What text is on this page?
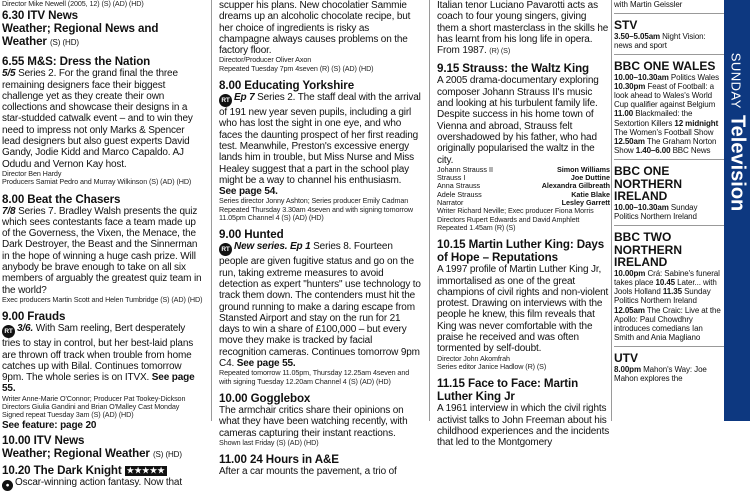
Director Mike Newell (2005, 12) (S) (AD) (HD)
6.30 ITV News
Weather; Regional News and Weather (S) (HD)
6.55 M&S: Dress the Nation
5/5 Series 2. For the grand final the three remaining designers face their biggest challenge yet as they create their own collections and showcase their designs in a star-studded catwalk event – and to win they need to impress not only Marks & Spencer lead designers but also guest experts David Gandy, Jodie Kidd and Marco Capaldo. AJ Odudu and Vernon Kay host.
Director Ben Hardy
Producers Samiat Pedro and Murray Wilkinson (S) (AD) (HD)
8.00 Beat the Chasers
7/8 Series 7. Bradley Walsh presents the quiz which sees contestants face a team made up of the Governess, the Vixen, the Menace, the Dark Destroyer, the Beast and the Sinnerman in the hope of winning a huge cash prize. Will anybody be brave enough to take on all six members of arguably the greatest quiz team in the world?
Exec producers Martin Scott and Helen Tumbridge (S) (AD) (HD)
9.00 Frauds
RT 3/6. With Sam reeling, Bert desperately tries to stay in control, but her best-laid plans are thrown off track when trouble from home catches up with Bilal. Continues tomorrow 9pm. The whole series is on ITVX. See page 55.
Writer Anne-Marie O'Connor; Producer Pat Tookey-Dickson
Directors Giulia Gandini and Brian O'Malley Cast Monday
Signed repeat Tuesday 3am (S) (AD) (HD)
See feature: page 20
10.00 ITV News
Weather; Regional Weather (S) (HD)
10.20 The Dark Knight ★★★★★
● Oscar-winning action fantasy. Now that
scupper his plans. New chocolatier Sammie dreams up an alcoholic chocolate recipe, but her choice of ingredients is risky as champagne always causes problems on the factory floor.
Director/Producer Oliver Axon
Repeated Tuesday 7pm 4seven (R) (S) (AD) (HD)
8.00 Educating Yorkshire
RT Ep 7 Series 2. The staff deal with the arrival of 191 new year seven pupils, including a girl who has lost the sight in one eye, and who faces the daunting prospect of her first reading test. Meanwhile, Preston's excessive energy lands him in trouble, but Miss Nurse and Miss Healey suggest that a part in the school play might be a way to channel his enthusiasm. See page 54.
Series director Jonny Ashton; Series producer Emily Cadman
Repeated Thursday 3.30am 4seven and with signing tomorrow
11.05pm Channel 4 (S) (AD) (HD)
9.00 Hunted
RT New series. Ep 1 Series 8. Fourteen people are given fugitive status and go on the run, taking extreme measures to avoid detection as expert "hunters" use technology to track them down. The contenders must hit the ground running to make a daring escape from Stansted Airport and stay on the run for 21 days to win a share of £100,000 – but every move they make is tracked by facial recognition cameras. Continues tomorrow 9pm C4. See page 55.
Repeated tomorrow 11.05pm, Thursday 12.25am 4seven and
with signing Tuesday 12.20am Channel 4 (S) (AD) (HD)
10.00 Gogglebox
The armchair critics share their opinions on what they have been watching recently, with cameras capturing their instant reactions.
Shown last Friday (S) (AD) (HD)
11.00 24 Hours in A&E
After a car mounts the pavement, a trio of
Italian tenor Luciano Pavarotti acts as coach to four young singers, giving them a short masterclass in the skills he has learnt from his long life in opera. From 1987. (R) (S)
9.15 Strauss: the Waltz King
A 2005 drama-documentary exploring composer Johann Strauss II's music and looking at his turbulent family life. Despite success in his home town of Vienna and abroad, Strauss felt overshadowed by his father, who had originally popularised the waltz in the city.
Johann Strauss II	Simon Williams
Strauss I	Joe Duttine
Anna Strauss	Alexandra Gilbreath
Adele Strauss	Katie Blake
Narrator	Lesley Garrett
Writer Richard Neville; Exec producer Fiona Morris
Directors Rupert Edwards and David Amphlett
Repeated 1.45am (R) (S)
10.15 Martin Luther King: Days of Hope – Reputations
A 1997 profile of Martin Luther King Jr, immortalised as one of the great champions of civil rights and non-violent protest. Drawing on interviews with the people he knew, this film reveals that King was never comfortable with the praise he received and was often tormented by self-doubt.
Director John Akomfrah
Series editor Janice Hadlow (R) (S)
11.15 Face to Face: Martin Luther King Jr
A 1961 interview in which the civil rights activist talks to John Freeman about his childhood experiences and the incidents that led to the Montgomery
with Martin Geissler
STV
3.50–5.05am Night Vision: news and sport
BBC ONE WALES
10.00–10.30am Politics Wales 10.30pm Feast of Football: a look ahead to Wales's World Cup qualifier against Belgium 11.00 Blackmailed: the Sextortion Killers 12 midnight The Women's Football Show 12.50am The Graham Norton Show 1.40–6.00 BBC News
BBC ONE NORTHERN IRELAND
10.00–10.30am Sunday Politics Northern Ireland
BBC TWO NORTHERN IRELAND
10.00pm Crá: Sabine's funeral takes place 10.45 Later... with Jools Holland 11.35 Sunday Politics Northern Ireland 12.05am The Craic: Live at the Apollo: Paul Chowdhry introduces comedians Ian Smith and Ania Magliano
UTV
8.00pm Mahon's Way: Joe Mahon explores the
SUNDAYTelevision
